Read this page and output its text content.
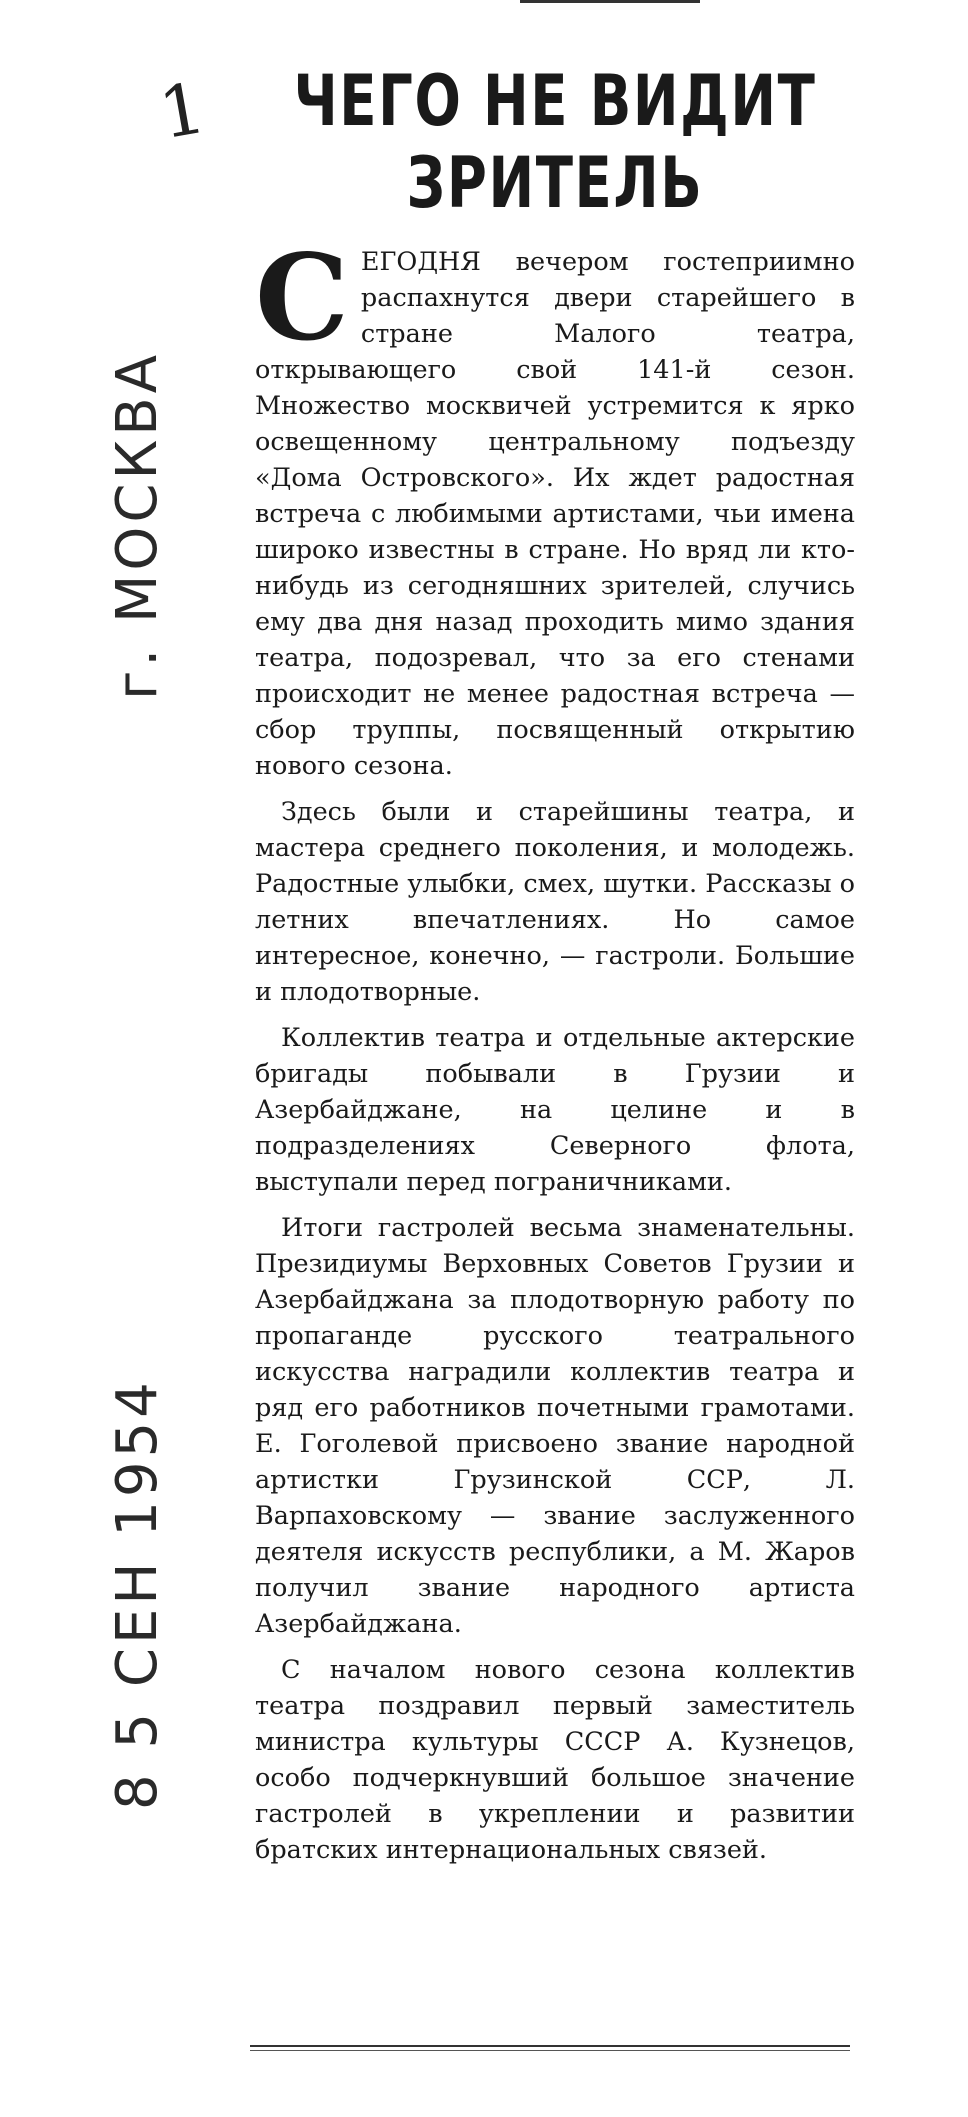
1
г. МОСКВА
8 5 СЕН 1954
ЧЕГО НЕ ВИДИТ ЗРИТЕЛЬ

СЕГОДНЯ вечером гостеприимно распахнутся двери старейшего в стране Малого театра, открывающего свой 141-й сезон. Множество москвичей устремится к ярко освещенному центральному подъезду «Дома Островского». Их ждет радостная встреча с любимыми артистами, чьи имена широко известны в стране. Но вряд ли кто-нибудь из сегодняшних зрителей, случись ему два дня назад проходить мимо здания театра, подозревал, что за его стенами происходит не менее радостная встреча — сбор труппы, посвященный открытию нового сезона.

Здесь были и старейшины театра, и мастера среднего поколения, и молодежь. Радостные улыбки, смех, шутки. Рассказы о летних впечатлениях. Но самое интересное, конечно, — гастроли. Большие и плодотворные.

Коллектив театра и отдельные актерские бригады побывали в Грузии и Азербайджане, на целине и в подразделениях Северного флота, выступали перед пограничниками.

Итоги гастролей весьма знаменательны. Президиумы Верховных Советов Грузии и Азербайджана за плодотворную работу по пропаганде русского театрального искусства наградили коллектив театра и ряд его работников почетными грамотами. Е. Гоголевой присвоено звание народной артистки Грузинской ССР, Л. Варпаховскому — звание заслуженного деятеля искусств республики, а М. Жаров получил звание народного артиста Азербайджана.

С началом нового сезона коллектив театра поздравил первый заместитель министра культуры СССР А. Кузнецов, особо подчеркнувший большое значение гастролей в укреплении и развитии братских интернациональных связей.
